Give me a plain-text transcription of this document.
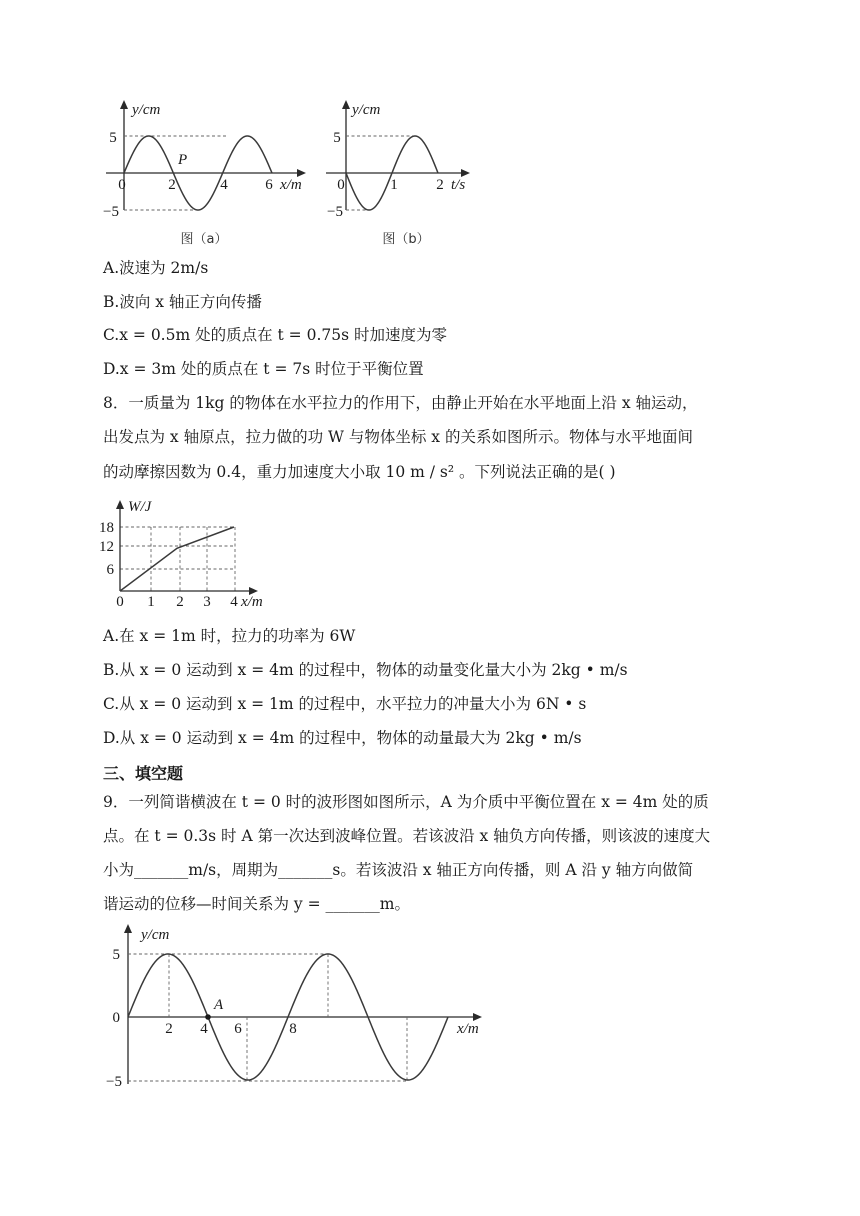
y/cm
x/m
5
−5
0	2	4	6
P
图（a）
y/cm
t/s
5
−5
0	1	2
图（b）
A.波速为 2m/s
B.波向 x 轴正方向传播
C.x = 0.5m 处的质点在 t = 0.75s 时加速度为零
D.x = 3m 处的质点在 t = 7s 时位于平衡位置
8．一质量为 1kg 的物体在水平拉力的作用下，由静止开始在水平地面上沿 x 轴运动，
出发点为 x 轴原点，拉力做的功 W 与物体坐标 x 的关系如图所示。物体与水平地面间
的动摩擦因数为 0.4，重力加速度大小取 10 m / s² 。下列说法正确的是( )
W/J
x/m
18
12
6
0 1 2 3 4
A.在 x = 1m 时，拉力的功率为 6W
B.从 x = 0 运动到 x = 4m 的过程中，物体的动量变化量大小为 2kg • m/s
C.从 x = 0 运动到 x = 1m 的过程中，水平拉力的冲量大小为 6N • s
D.从 x = 0 运动到 x = 4m 的过程中，物体的动量最大为 2kg • m/s
三、填空题
9．一列简谐横波在 t = 0 时的波形图如图所示，A 为介质中平衡位置在 x = 4m 处的质
点。在 t = 0.3s 时 A 第一次达到波峰位置。若该波沿 x 轴负方向传播，则该波的速度大
小为_______m/s，周期为_______s。若该波沿 x 轴正方向传播，则 A 沿 y 轴方向做简
谐运动的位移—时间关系为 y = _______m。
A
y/cm
x/m
5
0
−5
2 4 6	8
